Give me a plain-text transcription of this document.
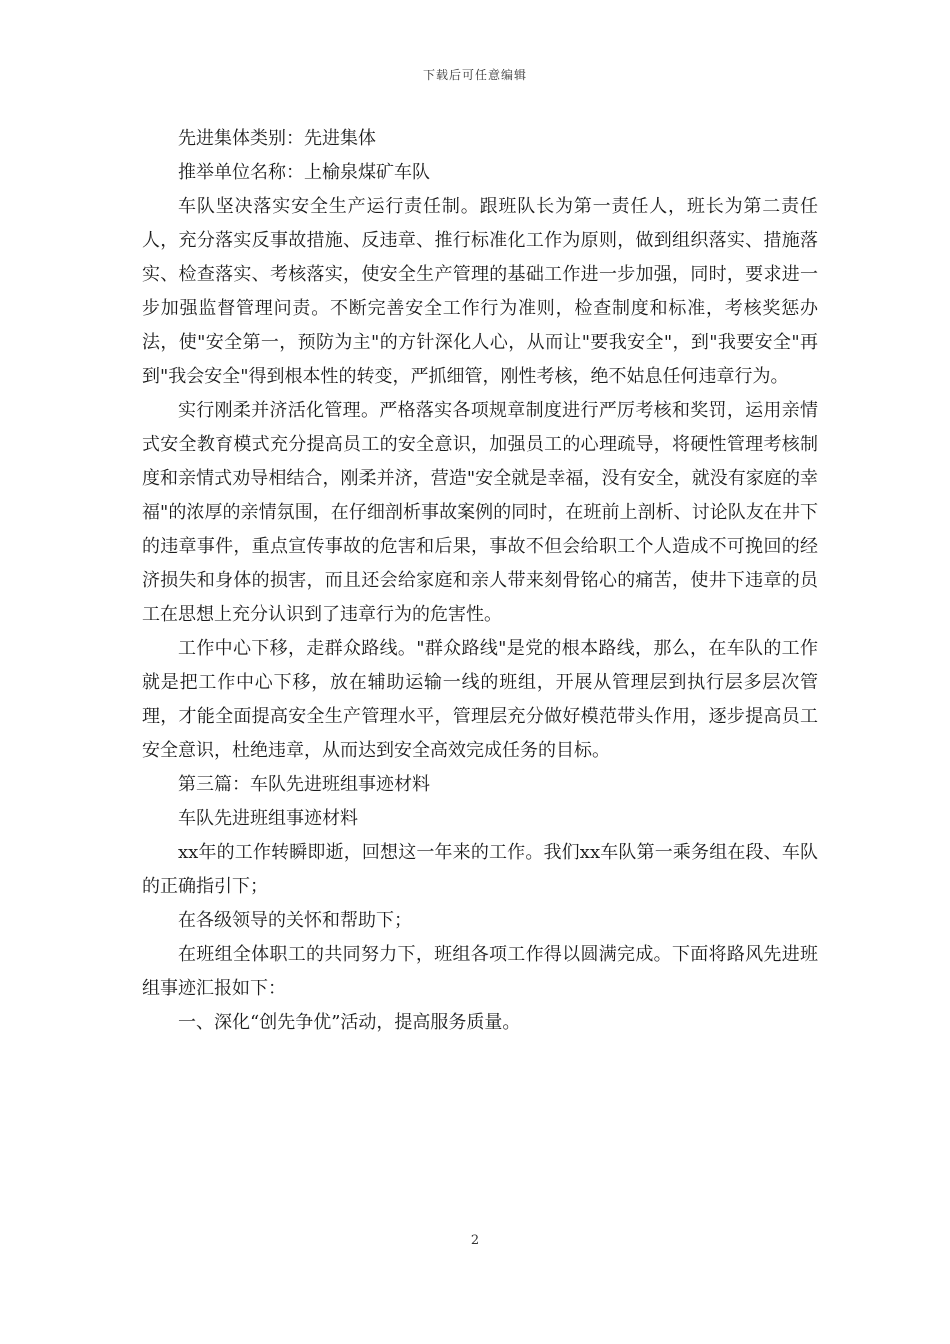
下载后可任意编辑

先进集体类别：先进集体

推举单位名称：上榆泉煤矿车队

车队坚决落实安全生产运行责任制。跟班队长为第一责任人，班长为第二责任人，充分落实反事故措施、反违章、推行标准化工作为原则，做到组织落实、措施落实、检查落实、考核落实，使安全生产管理的基础工作进一步加强，同时，要求进一步加强监督管理问责。不断完善安全工作行为准则，检查制度和标准，考核奖惩办法，使"安全第一，预防为主"的方针深化人心，从而让"要我安全"，到"我要安全"再到"我会安全"得到根本性的转变，严抓细管，刚性考核，绝不姑息任何违章行为。

实行刚柔并济活化管理。严格落实各项规章制度进行严厉考核和奖罚，运用亲情式安全教育模式充分提高员工的安全意识，加强员工的心理疏导，将硬性管理考核制度和亲情式劝导相结合，刚柔并济，营造"安全就是幸福，没有安全，就没有家庭的幸福"的浓厚的亲情氛围，在仔细剖析事故案例的同时，在班前上剖析、讨论队友在井下的违章事件，重点宣传事故的危害和后果，事故不但会给职工个人造成不可挽回的经济损失和身体的损害，而且还会给家庭和亲人带来刻骨铭心的痛苦，使井下违章的员工在思想上充分认识到了违章行为的危害性。

工作中心下移，走群众路线。"群众路线"是党的根本路线，那么，在车队的工作就是把工作中心下移，放在辅助运输一线的班组，开展从管理层到执行层多层次管理，才能全面提高安全生产管理水平，管理层充分做好模范带头作用，逐步提高员工安全意识，杜绝违章，从而达到安全高效完成任务的目标。

第三篇：车队先进班组事迹材料

车队先进班组事迹材料

xx年的工作转瞬即逝，回想这一年来的工作。我们xx车队第一乘务组在段、车队的正确指引下；

在各级领导的关怀和帮助下；

在班组全体职工的共同努力下，班组各项工作得以圆满完成。下面将路风先进班组事迹汇报如下：

一、深化“创先争优”活动，提高服务质量。

2
